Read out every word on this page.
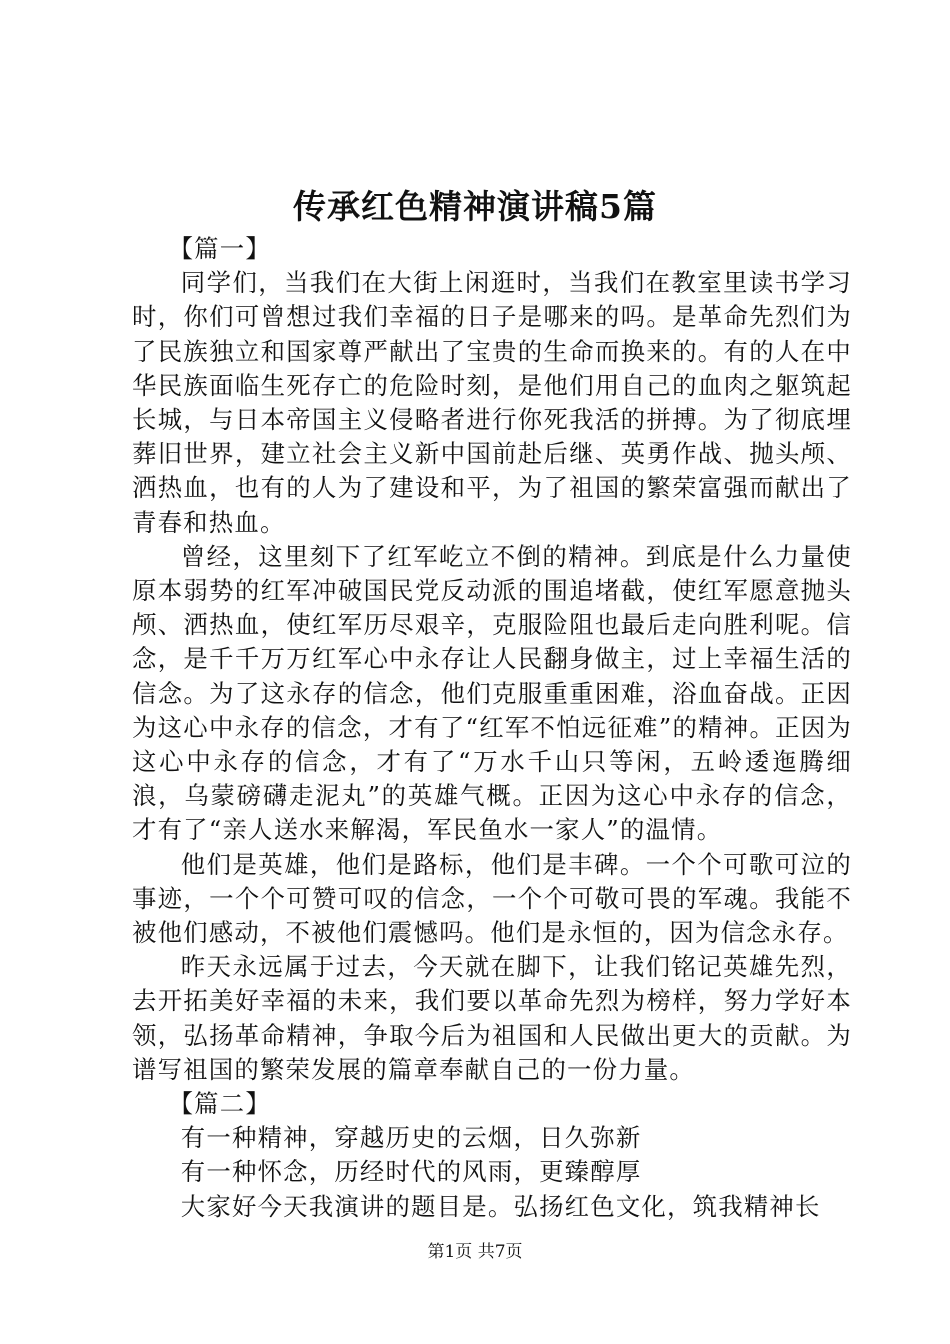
传承红色精神演讲稿5篇

【篇一】

同学们，当我们在大街上闲逛时，当我们在教室里读书学习时，你们可曾想过我们幸福的日子是哪来的吗。是革命先烈们为了民族独立和国家尊严献出了宝贵的生命而换来的。有的人在中华民族面临生死存亡的危险时刻，是他们用自己的血肉之躯筑起长城，与日本帝国主义侵略者进行你死我活的拼搏。为了彻底埋葬旧世界，建立社会主义新中国前赴后继、英勇作战、抛头颅、洒热血，也有的人为了建设和平，为了祖国的繁荣富强而献出了青春和热血。

曾经，这里刻下了红军屹立不倒的精神。到底是什么力量使原本弱势的红军冲破国民党反动派的围追堵截，使红军愿意抛头颅、洒热血，使红军历尽艰辛，克服险阻也最后走向胜利呢。信念，是千千万万红军心中永存让人民翻身做主，过上幸福生活的信念。为了这永存的信念，他们克服重重困难，浴血奋战。正因为这心中永存的信念，才有了“红军不怕远征难”的精神。正因为这心中永存的信念，才有了“万水千山只等闲，五岭逶迤腾细浪，乌蒙磅礴走泥丸”的英雄气概。正因为这心中永存的信念，才有了“亲人送水来解渴，军民鱼水一家人”的温情。

他们是英雄，他们是路标，他们是丰碑。一个个可歌可泣的事迹，一个个可赞可叹的信念，一个个可敬可畏的军魂。我能不被他们感动，不被他们震憾吗。他们是永恒的，因为信念永存。

昨天永远属于过去，今天就在脚下，让我们铭记英雄先烈，去开拓美好幸福的未来，我们要以革命先烈为榜样，努力学好本领，弘扬革命精神，争取今后为祖国和人民做出更大的贡献。为谱写祖国的繁荣发展的篇章奉献自己的一份力量。

【篇二】

有一种精神，穿越历史的云烟，日久弥新

有一种怀念，历经时代的风雨，更臻醇厚

大家好今天我演讲的题目是。弘扬红色文化，筑我精神长

第1页 共7页
